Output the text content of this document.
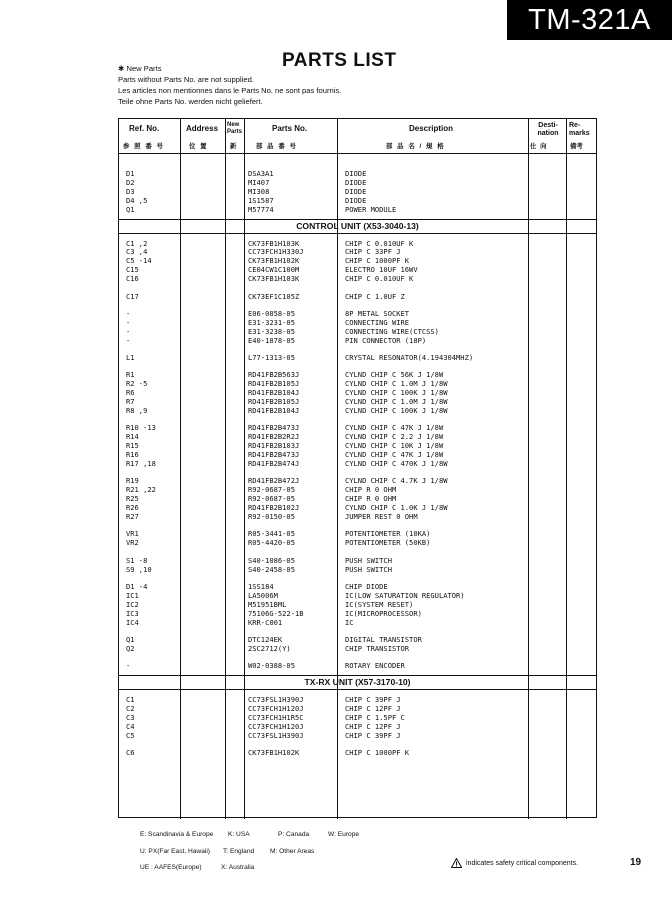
TM-321A
PARTS LIST
✱ New Parts
Parts without Parts No. are not supplied.
Les articles non mentionnes dans le Parts No. ne sont pas fournis.
Teile ohne Parts No. werden nicht geliefert.
Ref. No.
参 照 番 号
Address
位 置
New Parts
新
Parts No.
部 品 番 号
Description
部 品 名 / 規 格
Desti- nation
仕 向
Re- marks
備考
D1	DSA3A1	DIODE
D2	MI407	DIODE
D3	MI308	DIODE
D4 ,5	1S1587	DIODE
Q1	M57774	POWER MODULE
CONTROL UNIT (X53-3040-13)
C1 ,2	CK73FB1H103K	CHIP C 0.010UF K
C3 ,4	CC73FCH1H330J	CHIP C 33PF J
C5 -14	CK73FB1H102K	CHIP C 1000PF K
C15	CE04CW1C100M	ELECTRO 10UF 16WV
C16	CK73FB1H103K	CHIP C 0.010UF K
C17	CK73EF1C105Z	CHIP C 1.0UF Z
-	E06-0858-05	8P METAL SOCKET
-	E31-3231-05	CONNECTING WIRE
-	E31-3238-05	CONNECTING WIRE(CTCSS)
-	E40-1878-05	PIN CONNECTOR (18P)
L1	L77-1313-05	CRYSTAL RESONATOR(4.194304MHZ)
R1	RD41FB2B563J	CYLND CHIP C 56K J 1/8W
R2 -5	RD41FB2B105J	CYLND CHIP C 1.0M J 1/8W
R6	RD41FB2B104J	CYLND CHIP C 100K J 1/8W
R7	RD41FB2B105J	CYLND CHIP C 1.0M J 1/8W
R8 ,9	RD41FB2B104J	CYLND CHIP C 100K J 1/8W
R10 -13	RD41FB2B473J	CYLND CHIP C 47K J 1/8W
R14	RD41FB2B2R2J	CYLND CHIP C 2.2 J 1/8W
R15	RD41FB2B103J	CYLND CHIP C 10K J 1/8W
R16	RD41FB2B473J	CYLND CHIP C 47K J 1/8W
R17 ,18	RD41FB2B474J	CYLND CHIP C 470K J 1/8W
R19	RD41FB2B472J	CYLND CHIP C 4.7K J 1/8W
R21 ,22	R92-0687-05	CHIP R 0 OHM
R25	R92-0687-05	CHIP R 0 OHM
R26	RD41FB2B102J	CYLND CHIP C 1.0K J 1/8W
R27	R92-0150-05	JUMPER REST 0 OHM
VR1	R05-3441-05	POTENTIOMETER (10KA)
VR2	R05-4420-05	POTENTIOMETER (50KB)
S1 -8	S40-1086-05	PUSH SWITCH
S9 ,10	S40-2458-05	PUSH SWITCH
D1 -4	1SS184	CHIP DIODE
IC1	LA5006M	IC(LOW SATURATION REGULATOR)
IC2	M51951BML	IC(SYSTEM RESET)
IC3	75106G-522-1B	IC(MICROPROCESSOR)
IC4	KRR-C001	IC
Q1	DTC124EK	DIGITAL TRANSISTOR
Q2	2SC2712(Y)	CHIP TRANSISTOR
-	W02-0388-05	ROTARY ENCODER
TX-RX UNIT (X57-3170-10)
C1	CC73FSL1H390J	CHIP C 39PF J
C2	CC73FCH1H120J	CHIP C 12PF J
C3	CC73FCH1H1R5C	CHIP C 1.5PF C
C4	CC73FCH1H120J	CHIP C 12PF J
C5	CC73FSL1H390J	CHIP C 39PF J
C6	CK73FB1H102K	CHIP C 1000PF K
E: Scandinavia & Europe K: USA	P: Canada	W: Europe
U: PX(Far East, Hawaii) T: England M: Other Areas
UE : AAFES(Europe)	X: Australia
indicates safety critical components.	19
